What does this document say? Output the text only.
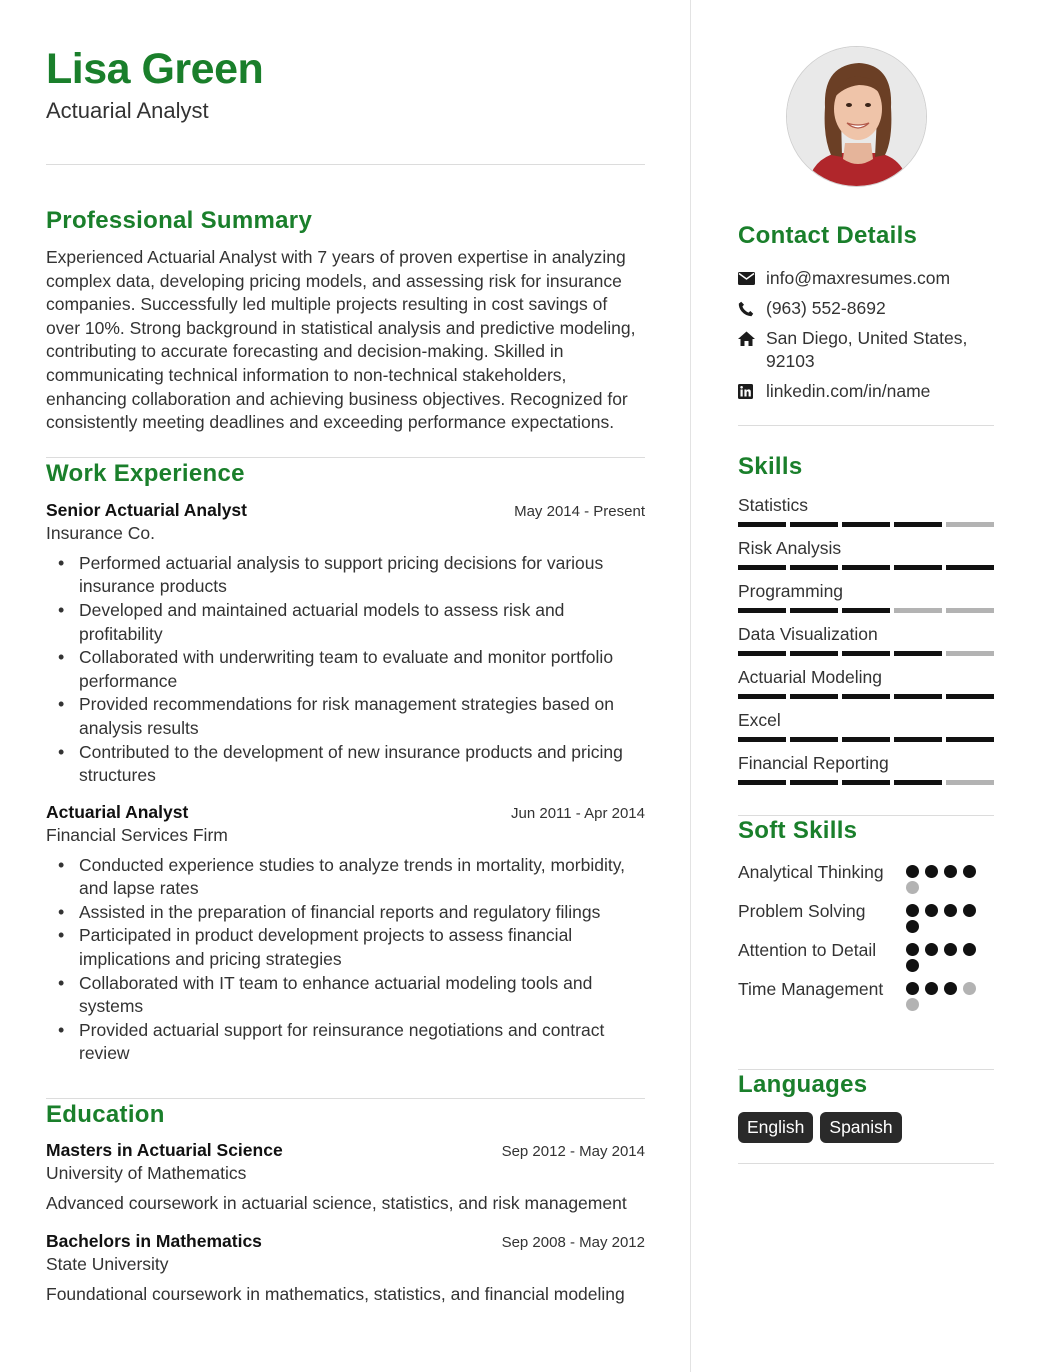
Lisa Green
Actuarial Analyst
Professional Summary

Experienced Actuarial Analyst with 7 years of proven expertise in analyzing complex data, developing pricing models, and assessing risk for insurance companies. Successfully led multiple projects resulting in cost savings of over 10%. Strong background in statistical analysis and predictive modeling, contributing to accurate forecasting and decision-making. Skilled in communicating technical information to non-technical stakeholders, enhancing collaboration and achieving business objectives. Recognized for consistently meeting deadlines and exceeding performance expectations.

Work Experience
Senior Actuarial Analyst	May 2014 - Present
Insurance Co.
• Performed actuarial analysis to support pricing decisions for various insurance products
• Developed and maintained actuarial models to assess risk and profitability
• Collaborated with underwriting team to evaluate and monitor portfolio performance
• Provided recommendations for risk management strategies based on analysis results
• Contributed to the development of new insurance products and pricing structures
Actuarial Analyst	Jun 2011 - Apr 2014
Financial Services Firm
• Conducted experience studies to analyze trends in mortality, morbidity, and lapse rates
• Assisted in the preparation of financial reports and regulatory filings
• Participated in product development projects to assess financial implications and pricing strategies
• Collaborated with IT team to enhance actuarial modeling tools and systems
• Provided actuarial support for reinsurance negotiations and contract review
Education
Masters in Actuarial Science	Sep 2012 - May 2014
University of Mathematics

Advanced coursework in actuarial science, statistics, and risk management

Bachelors in Mathematics	Sep 2008 - May 2012
State University

Foundational coursework in mathematics, statistics, and financial modeling

Contact Details
info@maxresumes.com
(963) 552-8692
San Diego, United States, 92103
linkedin.com/in/name
Skills
Statistics
Risk Analysis
Programming
Data Visualization
Actuarial Modeling
Excel
Financial Reporting
Soft Skills
Analytical Thinking
Problem Solving
Attention to Detail
Time Management
Languages
English	Spanish
